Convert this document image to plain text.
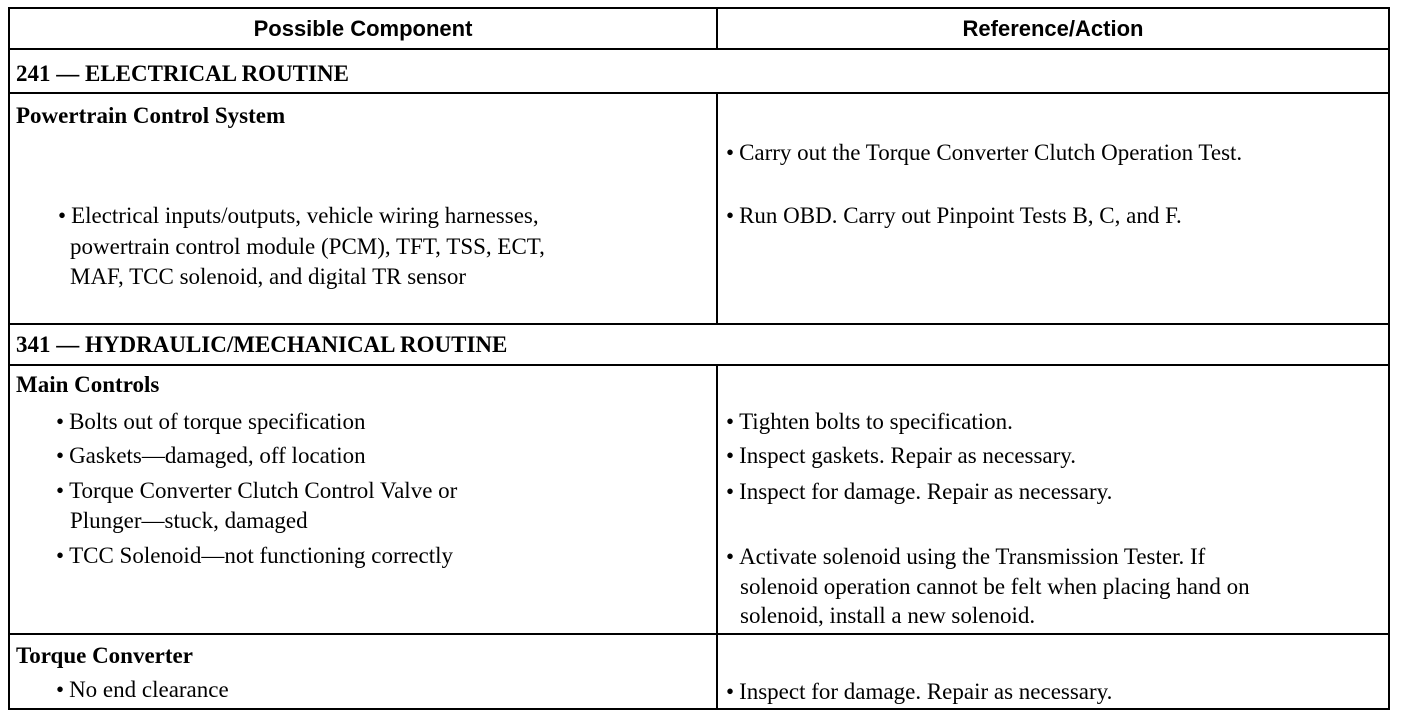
Possible Component	Reference/Action
241 — ELECTRICAL ROUTINE
Powertrain Control System
• Electrical inputs/outputs, vehicle wiring harnesses,
powertrain control module (PCM), TFT, TSS, ECT,
MAF, TCC solenoid, and digital TR sensor
• Carry out the Torque Converter Clutch Operation Test.
• Run OBD. Carry out Pinpoint Tests B, C, and F.
341 — HYDRAULIC/MECHANICAL ROUTINE
Main Controls
• Bolts out of torque specification
• Gaskets—damaged, off location
• Torque Converter Clutch Control Valve or
Plunger—stuck, damaged
• TCC Solenoid—not functioning correctly
• Tighten bolts to specification.
• Inspect gaskets. Repair as necessary.
• Inspect for damage. Repair as necessary.
• Activate solenoid using the Transmission Tester. If
solenoid operation cannot be felt when placing hand on
solenoid, install a new solenoid.
Torque Converter
• No end clearance
•	Inspect for damage. Repair as necessary.
